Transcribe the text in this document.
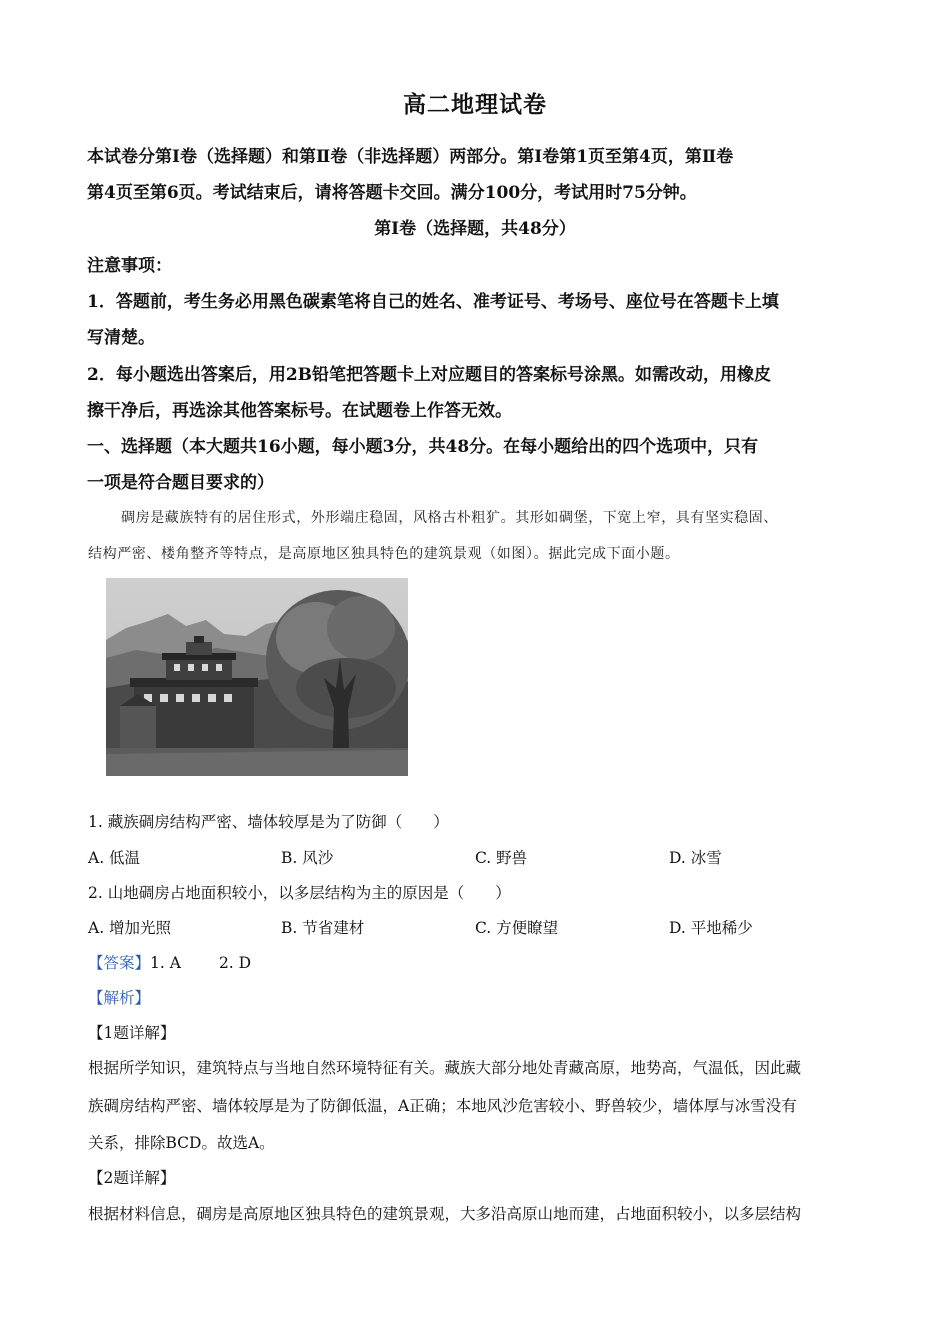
高二地理试卷
本试卷分第Ⅰ卷（选择题）和第Ⅱ卷（非选择题）两部分。第Ⅰ卷第1页至第4页，第Ⅱ卷
第4页至第6页。考试结束后，请将答题卡交回。满分100分，考试用时75分钟。
第Ⅰ卷（选择题，共48分）
注意事项：
1．答题前，考生务必用黑色碳素笔将自己的姓名、准考证号、考场号、座位号在答题卡上填
写清楚。
2．每小题选出答案后，用2B铅笔把答题卡上对应题目的答案标号涂黑。如需改动，用橡皮
擦干净后，再选涂其他答案标号。在试题卷上作答无效。
一、选择题（本大题共16小题，每小题3分，共48分。在每小题给出的四个选项中，只有
一项是符合题目要求的）
碉房是藏族特有的居住形式，外形端庄稳固，风格古朴粗犷。其形如碉堡，下宽上窄，具有坚实稳固、
结构严密、楼角整齐等特点，是高原地区独具特色的建筑景观（如图）。据此完成下面小题。
1. 藏族碉房结构严密、墙体较厚是为了防御（　　）
A. 低温	B. 风沙	C. 野兽	D. 冰雪
2. 山地碉房占地面积较小，以多层结构为主的原因是（　　）
A. 增加光照	B. 节省建材	C. 方便瞭望	D. 平地稀少
【答案】1. A 2. D
【解析】
【1题详解】
根据所学知识，建筑特点与当地自然环境特征有关。藏族大部分地处青藏高原，地势高，气温低，因此藏
族碉房结构严密、墙体较厚是为了防御低温，A正确；本地风沙危害较小、野兽较少，墙体厚与冰雪没有
关系，排除BCD。故选A。
【2题详解】
根据材料信息，碉房是高原地区独具特色的建筑景观，大多沿高原山地而建，占地面积较小，以多层结构
